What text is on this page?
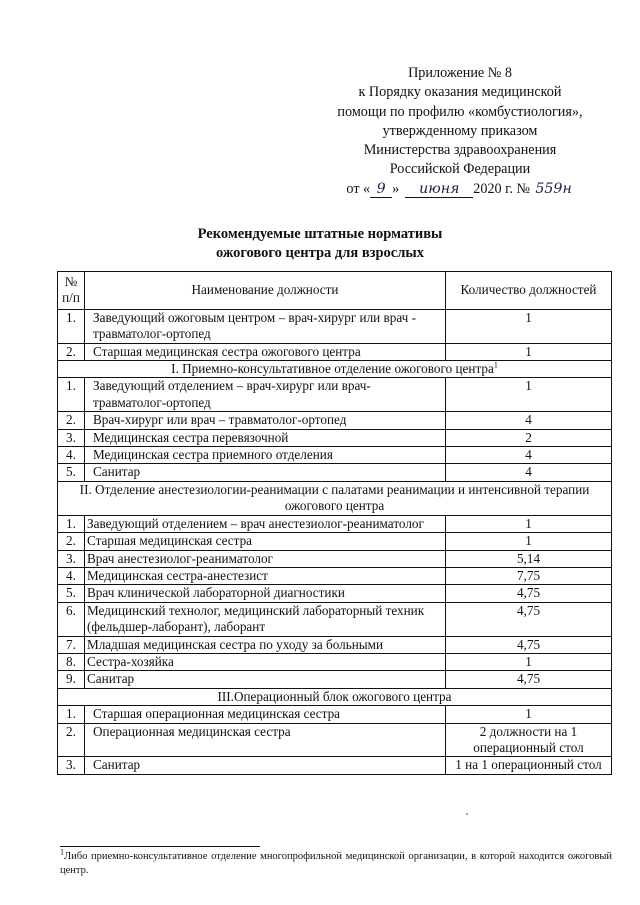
Приложение № 8
к Порядку оказания медицинской
помощи по профилю «комбустиология»,
утвержденному приказом
Министерства здравоохранения
Российской Федерации
от « 9 » июня 2020 г. № 559н
Рекомендуемые штатные нормативы
ожогового центра для взрослых
№ п/п	Наименование должности	Количество должностей
1.	Заведующий ожоговым центром – врач-хирург или врач - травматолог-ортопед	1
2.	Старшая медицинская сестра ожогового центра	1
I. Приемно-консультативное отделение ожогового центра$^1$
1.	Заведующий отделением – врач-хирург или врач-травматолог-ортопед	1
2.	Врач-хирург или врач – травматолог-ортопед	4
3.	Медицинская сестра перевязочной	2
4.	Медицинская сестра приемного отделения	4
5.	Санитар	4
II. Отделение анестезиологии-реанимации с палатами реанимации и интенсивной терапии ожогового центра		
1.	Заведующий отделением – врач анестезиолог-реаниматолог	1
2.	Старшая медицинская сестра	1
3.	Врач анестезиолог-реаниматолог	5,14
4.	Медицинская сестра-анестезист	7,75
5.	Врач клинической лабораторной диагностики	4,75
6.	Медицинский технолог, медицинский лабораторный техник (фельдшер-лаборант), лаборант	4,75
7.	Младшая медицинская сестра по уходу за больными	4,75
8.	Сестра-хозяйка	1
9.	Санитар	4,75
III.Операционный блок ожогового центра		
1.	Старшая операционная медицинская сестра	1
2.	Операционная медицинская сестра	2 должности на 1 операционный стол
3.	Санитар	1 на 1 операционный стол
$^1$Либо приемно-консультативное отделение многопрофильной медицинской организации, в которой находится ожоговый центр.
